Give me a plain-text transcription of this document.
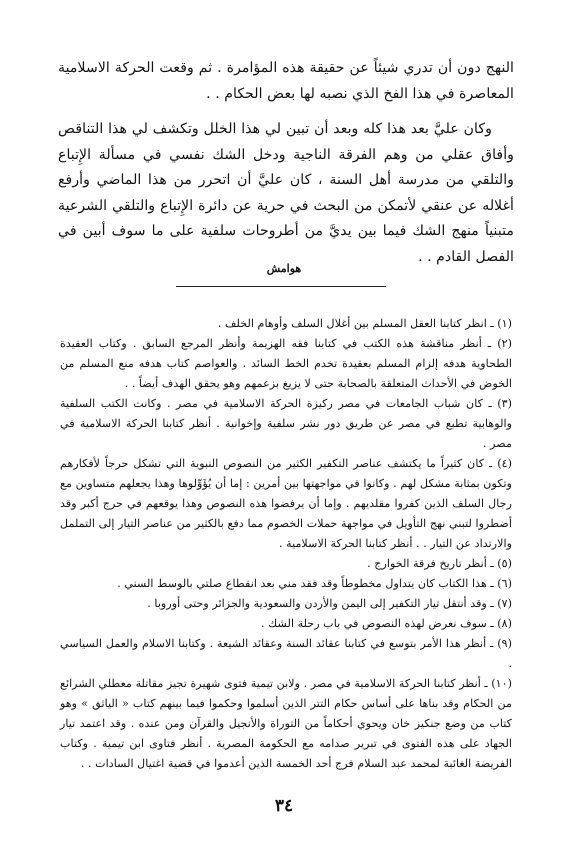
النهج دون أن تدري شيئاً عن حقيقة هذه المؤامرة . ثم وقعت الحركة الاسلامية المعاصرة في هذا الفخ الذي نصبه لها بعض الحكام . .

وكان عليَّ بعد هذا كله وبعد أن تبين لي هذا الخلل وتكشف لي هذا التناقص وأفاق عقلي من وهم الفرقة الناجية ودخل الشك نفسي في مسألة الإِتباع والتلقي من مدرسة أهل السنة ، كان عليَّ أن اتحرر من هذا الماضي وأرفع أغلاله عن عنقي لأتمكن من البحث في حرية عن دائرة الإِتباع والتلقي الشرعية متبنياً منهج الشك فيما بين يديَّ من أطروحات سلفية على ما سوف أبين في الفصل القادم . .

هوامش

(١) ـ انظر كتابنا العقل المسلم بين أغلال السلف وأوهام الخلف .

(٢) ـ أنظر مناقشة هذه الكتب في كتابنا فقه الهزيمة وأنظر المرجع السابق . وكتاب العقيدة الطحاوية هدفه إلزام المسلم بعقيدة تخدم الخط السائد . والعواصم كتاب هدفه منع المسلم من الخوض في الأحداث المتعلقة بالصحابة حتى لا يزيغ بزعمهم وهو يحقق الهدف أيضاً . .

(٣) ـ كان شباب الجامعات في مصر ركيزة الحركة الاسلامية في مصر . وكانت الكتب السلفية والوهابية تطبع في مصر عن طريق دور نشر سلفية وإخوانية . أنظر كتابنا الحركة الاسلامية في مصر .

(٤) ـ كان كثيراً ما يكتشف عناصر التكفير الكثير من النصوص النبوية التي تشكل حرجاً لأفكارهم وتكون بمثابة مشكل لهم . وكانوا في مواجهتها بين أمرين : إما أن يُؤَوِّلوها وهذا يجعلهم متساوين مع رجال السلف الذين كفروا مقلديهم . وإما أن يرفضوا هذه النصوص وهذا يوقعهم في حرج أكبر وقد أضطروا لتبني نهج التأويل في مواجهة حملات الخصوم مما دفع بالكثير من عناصر التيار إلى التململ والارتداد عن التيار . . أنظر كتابنا الحركة الاسلامية .

(٥) ـ أنظر تاريخ فرقة الخوارج .

(٦) ـ هذا الكتاب كان يتداول مخطوطاً وقد فقد مني بعد انقطاع صلتي بالوسط السني .

(٧) ـ وقد أنتقل تيار التكفير إلى اليمن والأردن والسعودية والجزائر وحتى أوروبا .

(٨) ـ سوف نعرض لهذه النصوص في باب رحلة الشك .

(٩) ـ أنظر هذا الأمر بتوسع في كتابنا عقائد السنة وعقائد الشيعة . وكتابنا الاسلام والعمل السياسي .

(١٠) ـ أنظر كتابنا الحركة الاسلامية في مصر . ولابن تيمية فتوى شهيرة تجيز مقاتلة معطلي الشرائع من الحكام وقد بناها على أساس حكام التتر الذين أسلموا وحكموا فيما بينهم كتاب « الياثق » وهو كتاب من وضع جنكيز خان ويحوي أحكاماً من التوراة والأنجيل والقرآن ومن عنده . وقد اعتمد تيار الجهاد على هذه الفتوى في تبرير صدامه مع الحكومة المصرية . أنظر فتاوى ابن تيمية . وكتاب الفريضة الغائبة لمحمد عبد السلام فرج أحد الخمسة الذين أعدموا في قضية اغتيال السادات . .

٣٤
